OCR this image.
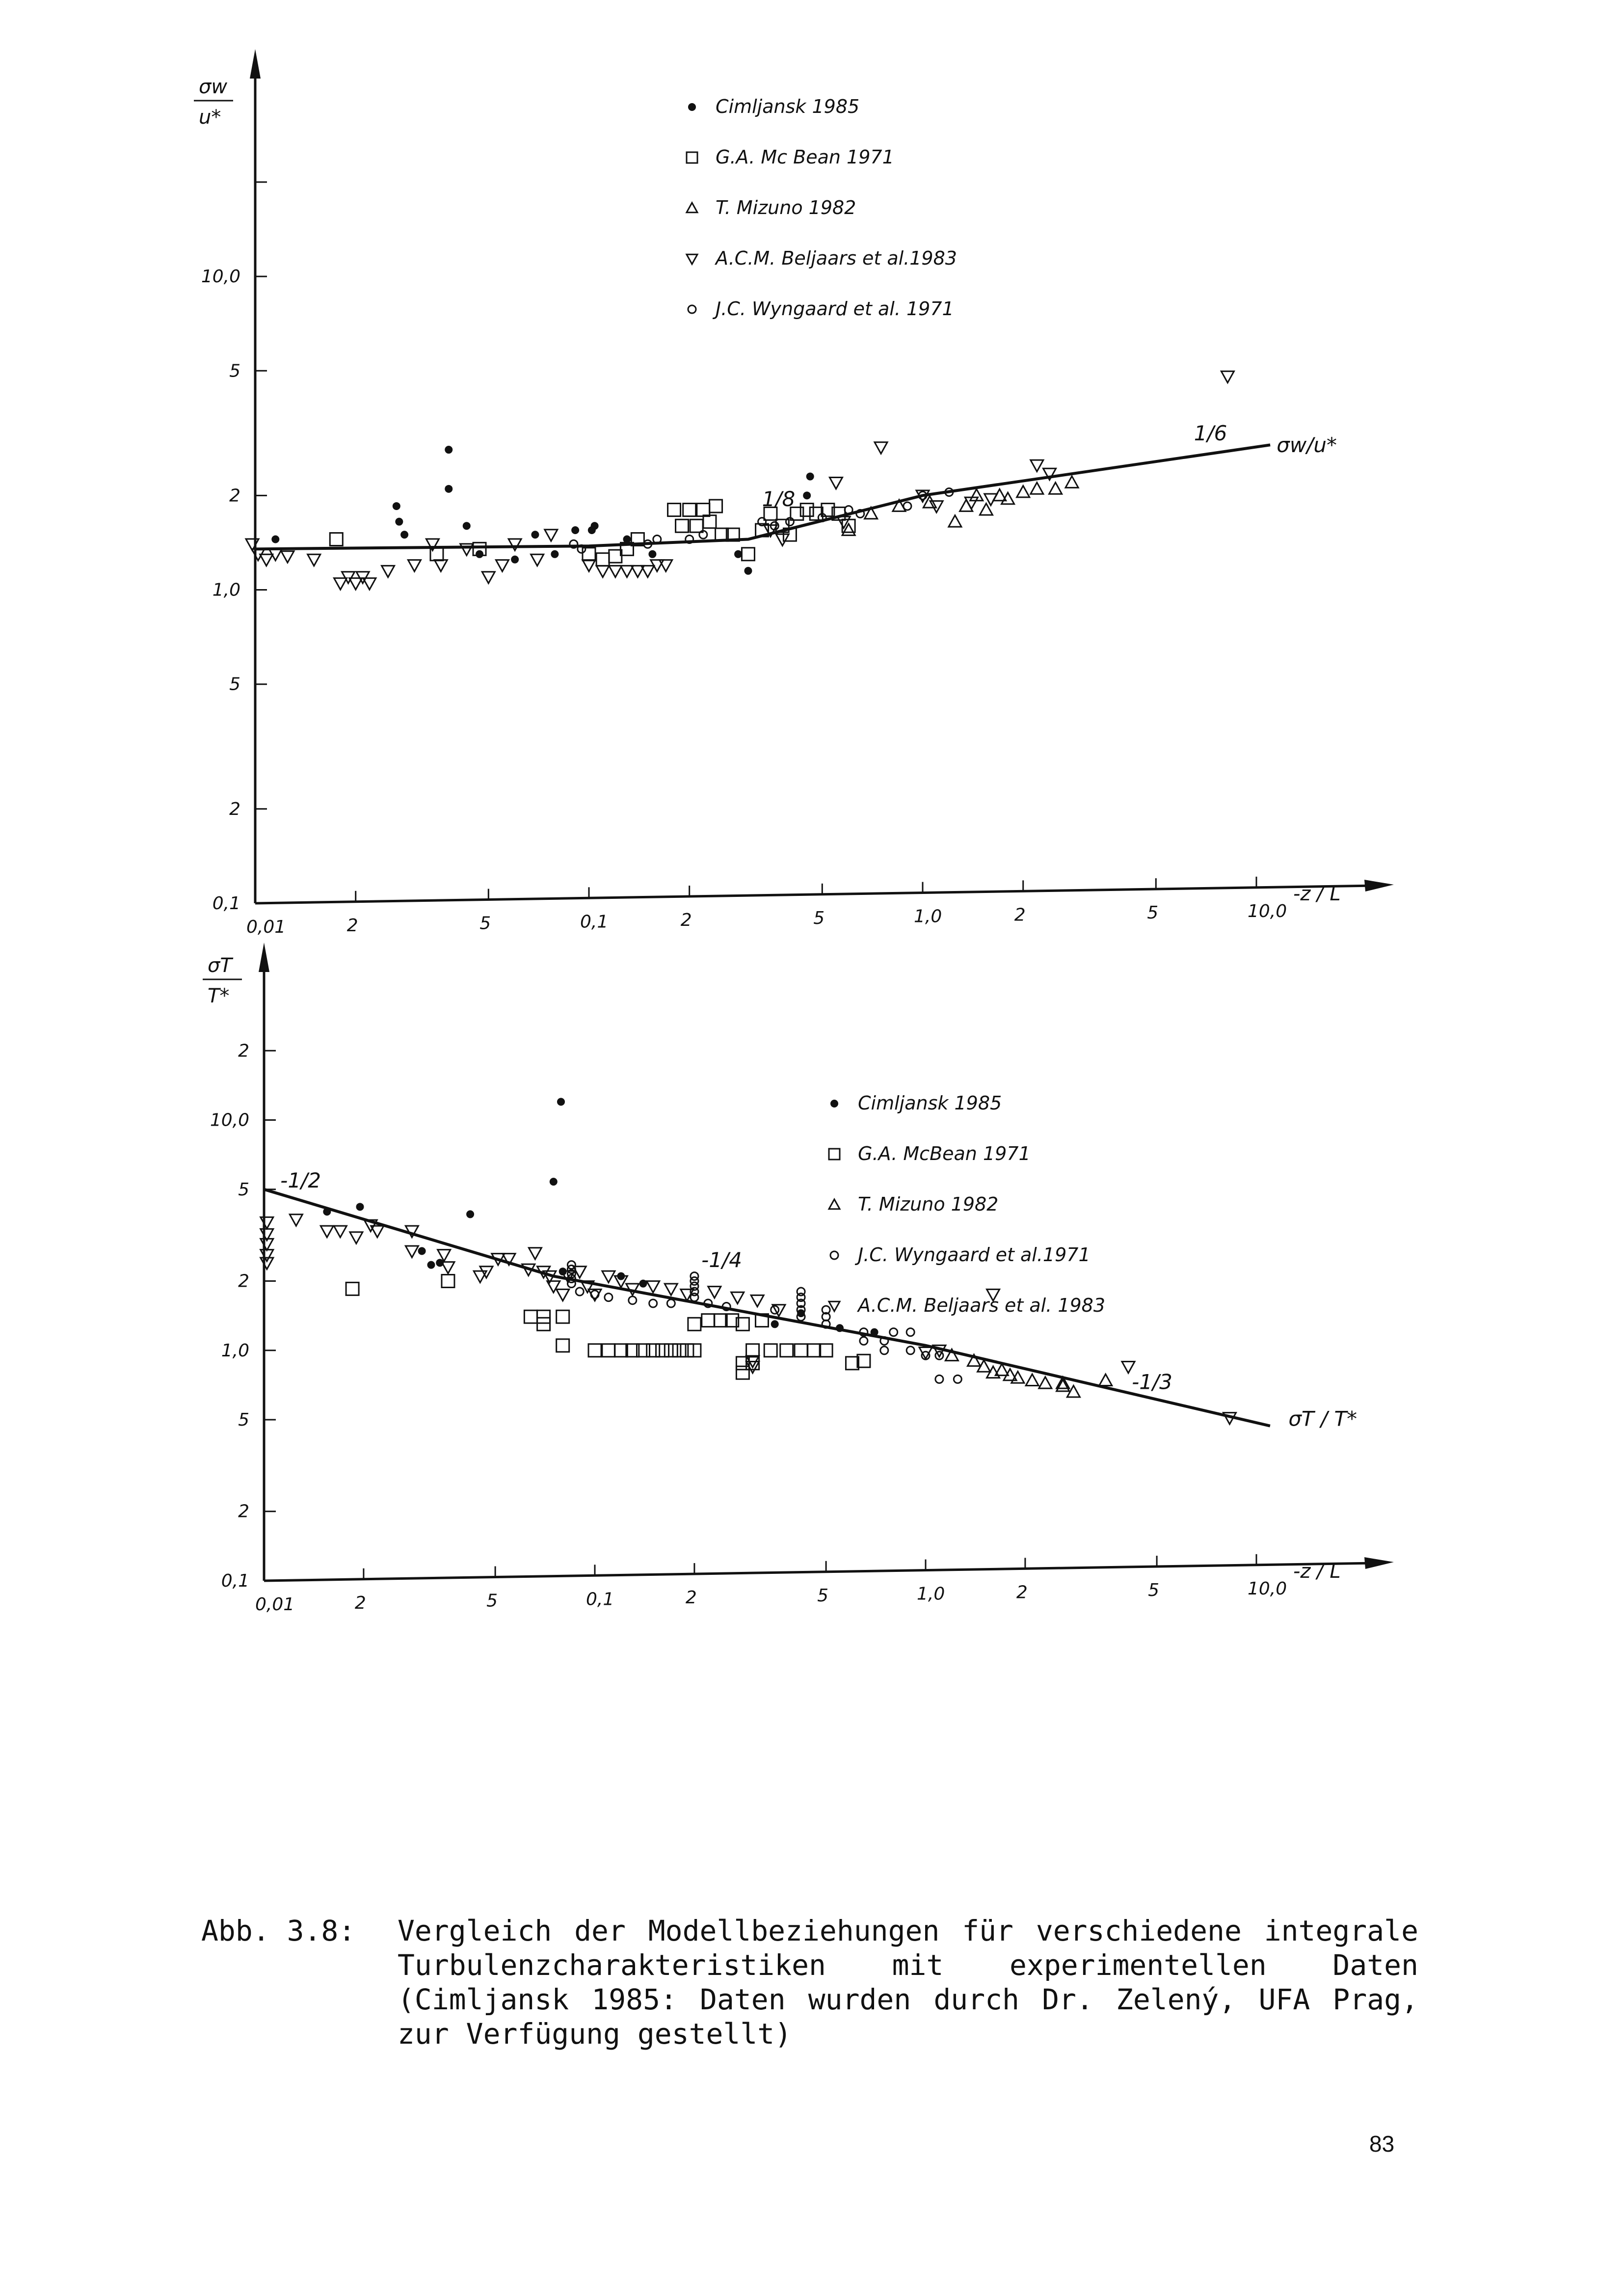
0,01	2	5	0,1	2	5	1,0	2	5	10,0
-z / L
0,1
2
5
1,0
2
5
10,0
σw
u*
1/8
1/6 σw/u*
Cimljansk 1985
G.A. Mc Bean 1971
T. Mizuno 1982
A.C.M. Beljaars et al.1983
J.C. Wyngaard et al. 1971
0,01	2	5	0,1	2	5	1,0	2	5	10,0
-z / L
0,1
2
5
1,0
2
5
10,0
2
σT
T*
-1/2
-1/4
-1/3
σT / T*
Cimljansk 1985
G.A. McBean 1971
T. Mizuno 1982
J.C. Wyngaard et al.1971
A.C.M. Beljaars et al. 1983
Abb. 3.8: Vergleich der Modellbeziehungen für verschiedene integrale Turbulenzcharakteristiken mit experimentellen Daten (Cimljansk 1985: Daten wurden durch Dr. Zelený, UFA Prag, zur Verfügung gestellt)
83
